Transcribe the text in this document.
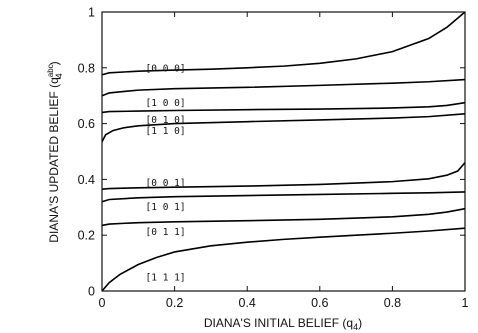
0	0.2	0.4	0.6	0.8	1
0
0.2
0.4
0.6
0.8
1
[0 0 0]
[1 0 0]
[0 1 0]
[1 1 0]
[0 0 1]
[1 0 1]
[0 1 1]
[1 1 1]
DIANA'S INITIAL BELIEF $(q_4)$
DIANA'S UPDATED BELIEF $(q^{abc}4)$
